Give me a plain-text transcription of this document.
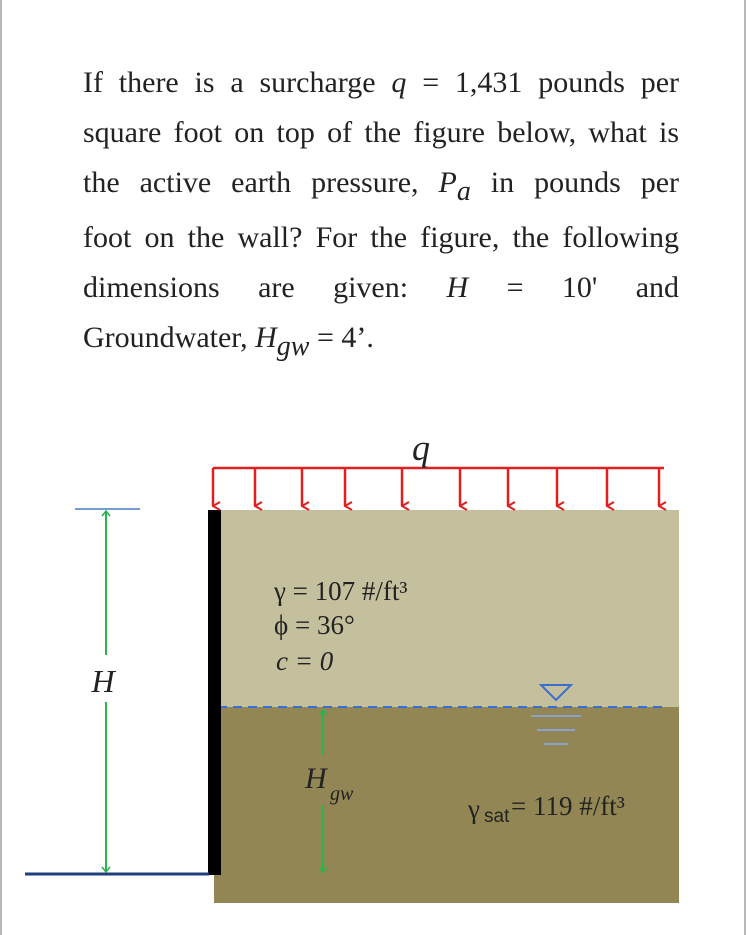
If there is a surcharge q = 1,431 pounds per
square foot on top of the figure below, what is
the active earth pressure, Pa in pounds per
foot on the wall? For the figure, the following
dimensions are given: H = 10' and
Groundwater, Hgw = 4’.
q
H
H gw
γ = 107 #/ft³
ϕ = 36°
c = 0
γ sat = 119 #/ft³
